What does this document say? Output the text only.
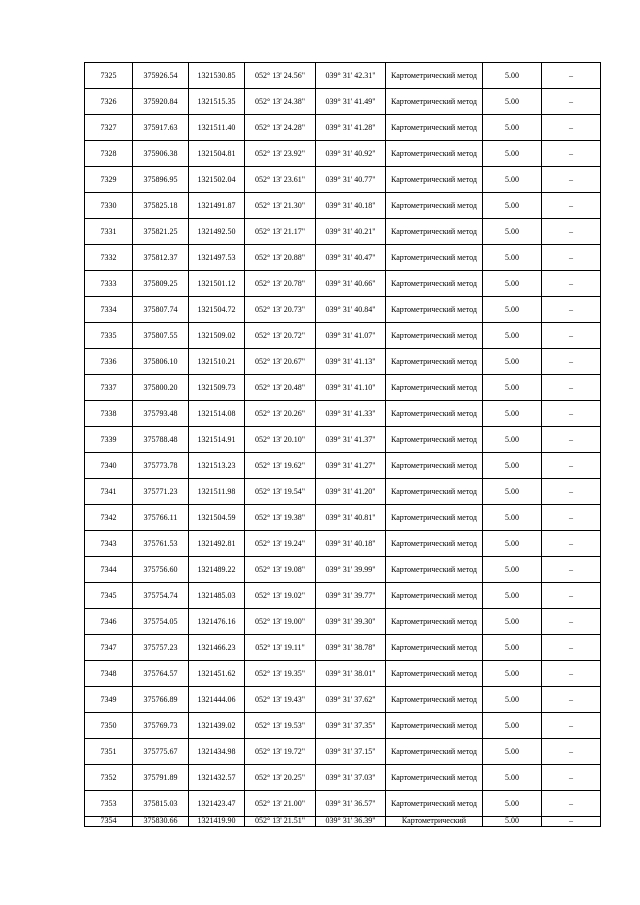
7325	375926.54	1321530.85	052° 13' 24.56"	039° 31' 42.31"	Картометрический метод	5.00	–
7326	375920.84	1321515.35	052° 13' 24.38"	039° 31' 41.49"	Картометрический метод	5.00	–
7327	375917.63	1321511.40	052° 13' 24.28"	039° 31' 41.28"	Картометрический метод	5.00	–
7328	375906.38	1321504.81	052° 13' 23.92"	039° 31' 40.92"	Картометрический метод	5.00	–
7329	375896.95	1321502.04	052° 13' 23.61"	039° 31' 40.77"	Картометрический метод	5.00	–
7330	375825.18	1321491.87	052° 13' 21.30"	039° 31' 40.18"	Картометрический метод	5.00	–
7331	375821.25	1321492.50	052° 13' 21.17"	039° 31' 40.21"	Картометрический метод	5.00	–
7332	375812.37	1321497.53	052° 13' 20.88"	039° 31' 40.47"	Картометрический метод	5.00	–
7333	375809.25	1321501.12	052° 13' 20.78"	039° 31' 40.66"	Картометрический метод	5.00	–
7334	375807.74	1321504.72	052° 13' 20.73"	039° 31' 40.84"	Картометрический метод	5.00	–
7335	375807.55	1321509.02	052° 13' 20.72"	039° 31' 41.07"	Картометрический метод	5.00	–
7336	375806.10	1321510.21	052° 13' 20.67"	039° 31' 41.13"	Картометрический метод	5.00	–
7337	375800.20	1321509.73	052° 13' 20.48"	039° 31' 41.10"	Картометрический метод	5.00	–
7338	375793.48	1321514.08	052° 13' 20.26"	039° 31' 41.33"	Картометрический метод	5.00	–
7339	375788.48	1321514.91	052° 13' 20.10"	039° 31' 41.37"	Картометрический метод	5.00	–
7340	375773.78	1321513.23	052° 13' 19.62"	039° 31' 41.27"	Картометрический метод	5.00	–
7341	375771.23	1321511.98	052° 13' 19.54"	039° 31' 41.20"	Картометрический метод	5.00	–
7342	375766.11	1321504.59	052° 13' 19.38"	039° 31' 40.81"	Картометрический метод	5.00	–
7343	375761.53	1321492.81	052° 13' 19.24"	039° 31' 40.18"	Картометрический метод	5.00	–
7344	375756.60	1321489.22	052° 13' 19.08"	039° 31' 39.99"	Картометрический метод	5.00	–
7345	375754.74	1321485.03	052° 13' 19.02"	039° 31' 39.77"	Картометрический метод	5.00	–
7346	375754.05	1321476.16	052° 13' 19.00"	039° 31' 39.30"	Картометрический метод	5.00	–
7347	375757.23	1321466.23	052° 13' 19.11"	039° 31' 38.78"	Картометрический метод	5.00	–
7348	375764.57	1321451.62	052° 13' 19.35"	039° 31' 38.01"	Картометрический метод	5.00	–
7349	375766.89	1321444.06	052° 13' 19.43"	039° 31' 37.62"	Картометрический метод	5.00	–
7350	375769.73	1321439.02	052° 13' 19.53"	039° 31' 37.35"	Картометрический метод	5.00	–
7351	375775.67	1321434.98	052° 13' 19.72"	039° 31' 37.15"	Картометрический метод	5.00	–
7352	375791.89	1321432.57	052° 13' 20.25"	039° 31' 37.03"	Картометрический метод	5.00	–
7353	375815.03	1321423.47	052° 13' 21.00"	039° 31' 36.57"	Картометрический метод	5.00	–
7354	375830.66	1321419.90	052° 13' 21.51"	039° 31' 36.39"	Картометрический	5.00	–
